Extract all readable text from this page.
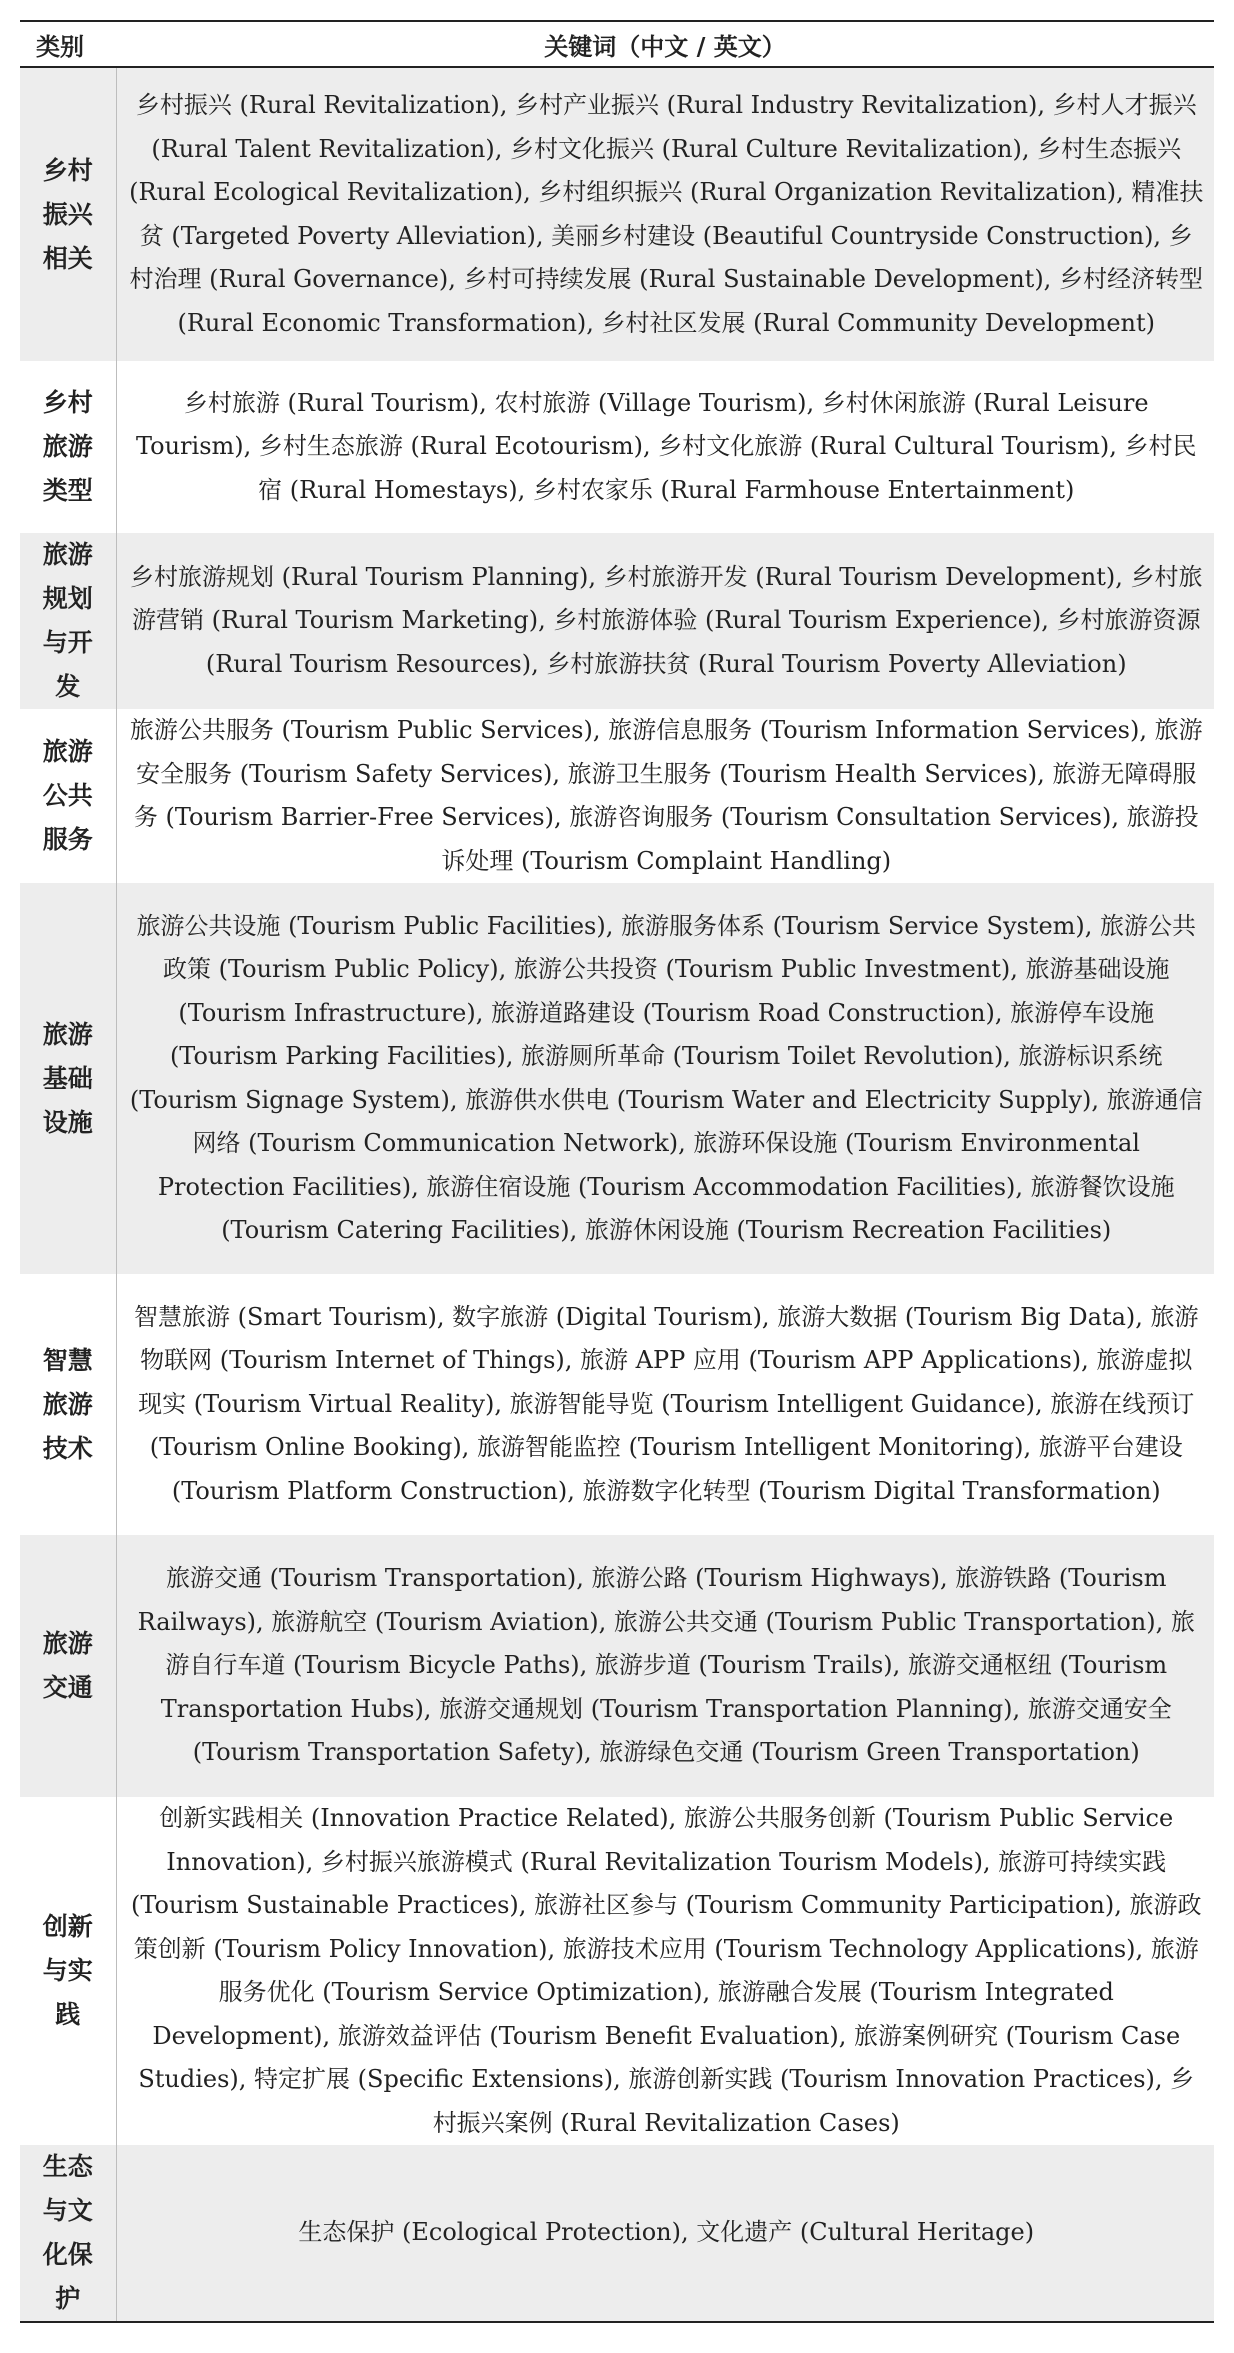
类别	关键词（中文 / 英文）
乡村振兴相关	乡村振兴 (Rural Revitalization), 乡村产业振兴 (Rural Industry Revitalization), 乡村人才振兴 (Rural Talent Revitalization), 乡村文化振兴 (Rural Culture Revitalization), 乡村生态振兴 (Rural Ecological Revitalization), 乡村组织振兴 (Rural Organization Revitalization), 精准扶贫 (Targeted Poverty Alleviation), 美丽乡村建设 (Beautiful Countryside Construction), 乡村治理 (Rural Governance), 乡村可持续发展 (Rural Sustainable Development), 乡村经济转型 (Rural Economic Transformation), 乡村社区发展 (Rural Community Development)
乡村旅游类型	乡村旅游 (Rural Tourism), 农村旅游 (Village Tourism), 乡村休闲旅游 (Rural Leisure Tourism), 乡村生态旅游 (Rural Ecotourism), 乡村文化旅游 (Rural Cultural Tourism), 乡村民宿 (Rural Homestays), 乡村农家乐 (Rural Farmhouse Entertainment)
旅游规划与开发	乡村旅游规划 (Rural Tourism Planning), 乡村旅游开发 (Rural Tourism Development), 乡村旅游营销 (Rural Tourism Marketing), 乡村旅游体验 (Rural Tourism Experience), 乡村旅游资源 (Rural Tourism Resources), 乡村旅游扶贫 (Rural Tourism Poverty Alleviation)
旅游公共服务	旅游公共服务 (Tourism Public Services), 旅游信息服务 (Tourism Information Services), 旅游安全服务 (Tourism Safety Services), 旅游卫生服务 (Tourism Health Services), 旅游无障碍服务 (Tourism Barrier-Free Services), 旅游咨询服务 (Tourism Consultation Services), 旅游投诉处理 (Tourism Complaint Handling)
旅游基础设施	旅游公共设施 (Tourism Public Facilities), 旅游服务体系 (Tourism Service System), 旅游公共政策 (Tourism Public Policy), 旅游公共投资 (Tourism Public Investment), 旅游基础设施 (Tourism Infrastructure), 旅游道路建设 (Tourism Road Construction), 旅游停车设施 (Tourism Parking Facilities), 旅游厕所革命 (Tourism Toilet Revolution), 旅游标识系统 (Tourism Signage System), 旅游供水供电 (Tourism Water and Electricity Supply), 旅游通信网络 (Tourism Communication Network), 旅游环保设施 (Tourism Environmental Protection Facilities), 旅游住宿设施 (Tourism Accommodation Facilities), 旅游餐饮设施 (Tourism Catering Facilities), 旅游休闲设施 (Tourism Recreation Facilities)
智慧旅游技术	智慧旅游 (Smart Tourism), 数字旅游 (Digital Tourism), 旅游大数据 (Tourism Big Data), 旅游物联网 (Tourism Internet of Things), 旅游 APP 应用 (Tourism APP Applications), 旅游虚拟现实 (Tourism Virtual Reality), 旅游智能导览 (Tourism Intelligent Guidance), 旅游在线预订 (Tourism Online Booking), 旅游智能监控 (Tourism Intelligent Monitoring), 旅游平台建设 (Tourism Platform Construction), 旅游数字化转型 (Tourism Digital Transformation)
旅游交通	旅游交通 (Tourism Transportation), 旅游公路 (Tourism Highways), 旅游铁路 (Tourism Railways), 旅游航空 (Tourism Aviation), 旅游公共交通 (Tourism Public Transportation), 旅游自行车道 (Tourism Bicycle Paths), 旅游步道 (Tourism Trails), 旅游交通枢纽 (Tourism Transportation Hubs), 旅游交通规划 (Tourism Transportation Planning), 旅游交通安全 (Tourism Transportation Safety), 旅游绿色交通 (Tourism Green Transportation)
创新与实践	创新实践相关 (Innovation Practice Related), 旅游公共服务创新 (Tourism Public Service Innovation), 乡村振兴旅游模式 (Rural Revitalization Tourism Models), 旅游可持续实践 (Tourism Sustainable Practices), 旅游社区参与 (Tourism Community Participation), 旅游政策创新 (Tourism Policy Innovation), 旅游技术应用 (Tourism Technology Applications), 旅游服务优化 (Tourism Service Optimization), 旅游融合发展 (Tourism Integrated Development), 旅游效益评估 (Tourism Benefit Evaluation), 旅游案例研究 (Tourism Case Studies), 特定扩展 (Specific Extensions), 旅游创新实践 (Tourism Innovation Practices), 乡村振兴案例 (Rural Revitalization Cases)
生态与文化保护	生态保护 (Ecological Protection), 文化遗产 (Cultural Heritage)
